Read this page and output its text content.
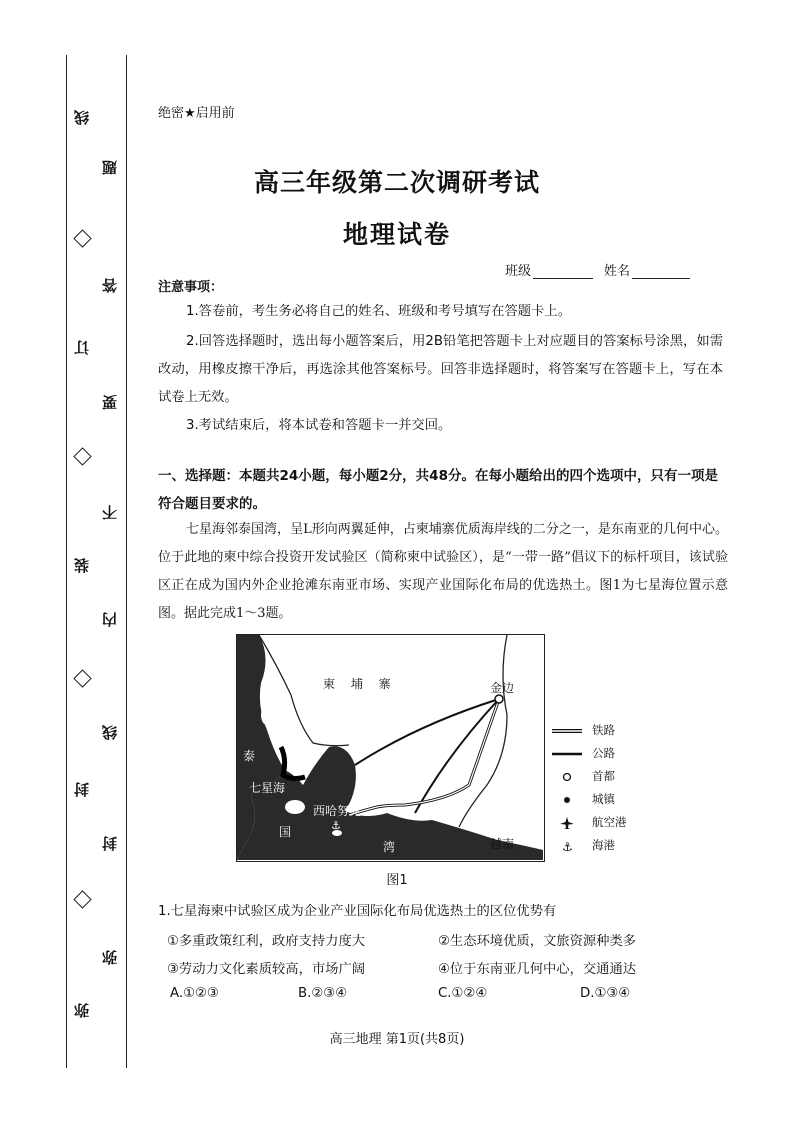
线
订
装
封
弥
题
答
要
不
内
线
封
弥
绝密★启用前
高三年级第二次调研考试
地理试卷
班级	姓名
注意事项：
1.答卷前，考生务必将自己的姓名、班级和考号填写在答题卡上。
2.回答选择题时，选出每小题答案后，用2B铅笔把答题卡上对应题目的答案标号涂黑，如需改动，用橡皮擦干净后，再选涂其他答案标号。回答非选择题时，将答案写在答题卡上，写在本试卷上无效。
3.考试结束后，将本试卷和答题卡一并交回。
一、选择题：本题共24小题，每小题2分，共48分。在每小题给出的四个选项中，只有一项是符合题目要求的。
七星海邻泰国湾，呈L形向两翼延伸，占柬埔寨优质海岸线的二分之一，是东南亚的几何中心。位于此地的柬中综合投资开发试验区（简称柬中试验区），是“一带一路”倡议下的标杆项目，该试验区正在成为国内外企业抢滩东南亚市场、实现产业国际化布局的优选热土。图1为七星海位置示意图。据此完成1～3题。
⚓
柬 埔 寨	金边
泰
七星海
西哈努克
国
湾	越南
铁路
公路
首都
城镇
航空港
⚓ 海港
图1
1.七星海柬中试验区成为企业产业国际化布局优选热土的区位优势有
①多重政策红利，政府支持力度大	②生态环境优质，文旅资源种类多
③劳动力文化素质较高，市场广阔	④位于东南亚几何中心，交通通达
A.①②③	B.②③④	C.①②④	D.①③④
高三地理 第1页(共8页)
